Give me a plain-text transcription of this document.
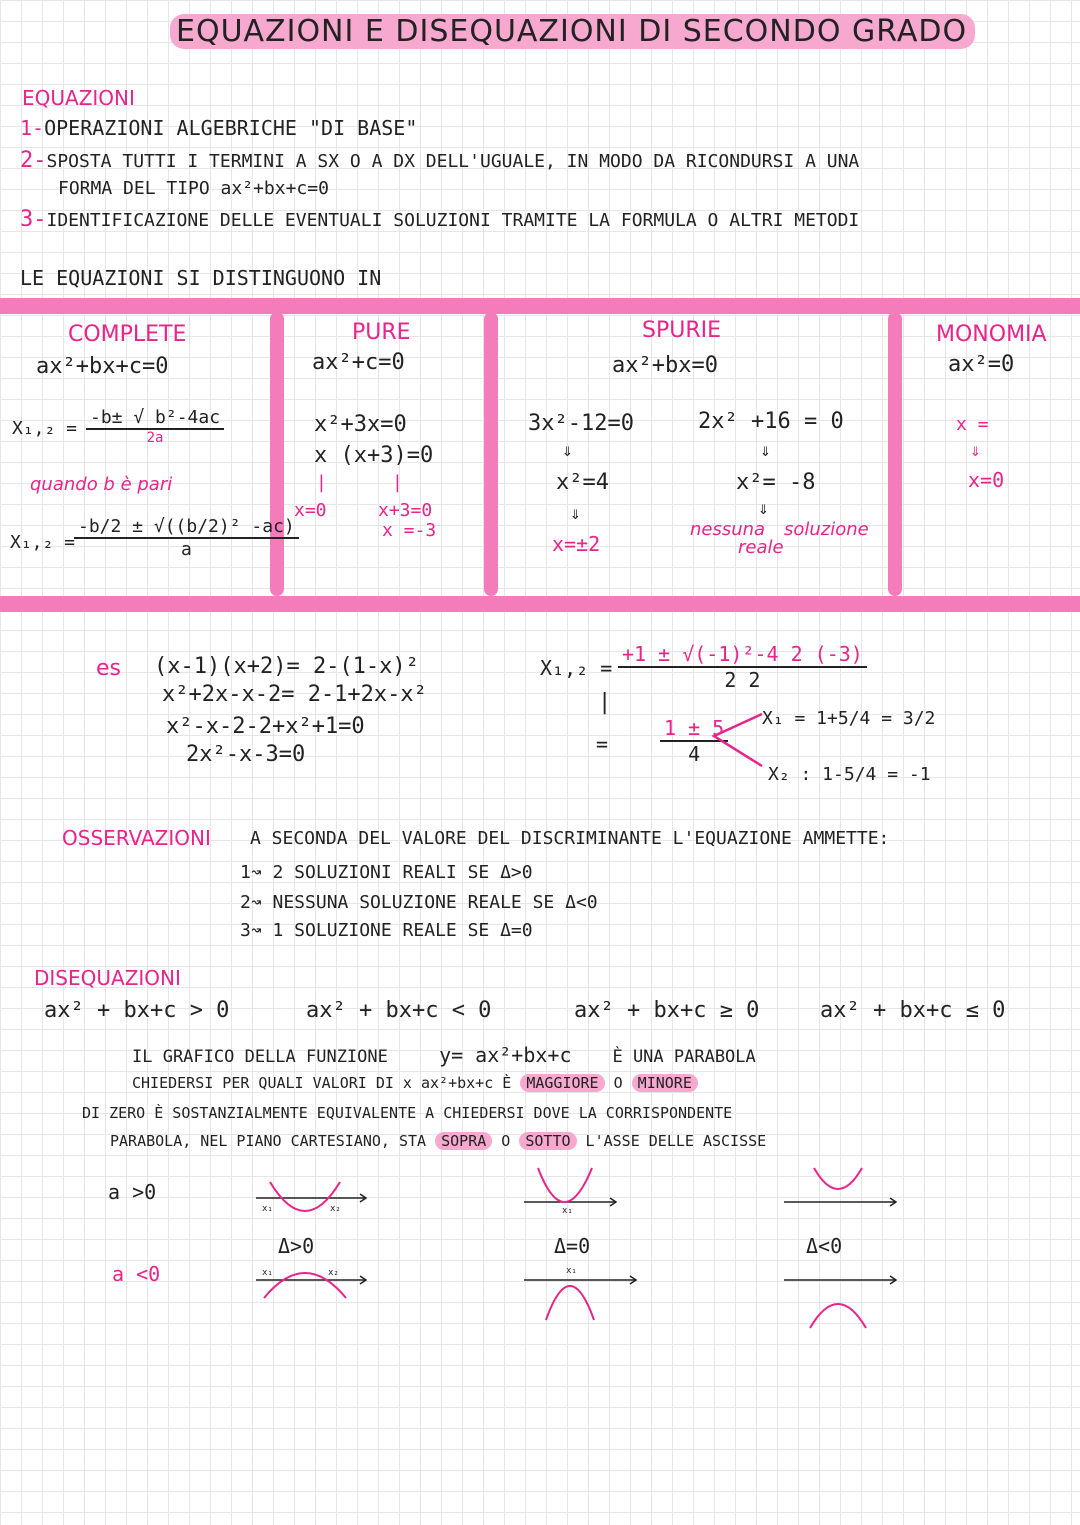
EQUAZIONI E DISEQUAZIONI DI SECONDO GRADO
EQUAZIONI
1-OPERAZIONI ALGEBRICHE "DI BASE"
2-SPOSTA TUTTI I TERMINI A SX O A DX DELL'UGUALE, IN MODO DA RICONDURSI A UNA
FORMA DEL TIPO ax²+bx+c=0
3-IDENTIFICAZIONE DELLE EVENTUALI SOLUZIONI TRAMITE LA FORMULA O ALTRI METODI
LE EQUAZIONI SI DISTINGUONO IN
COMPLETE
ax²+bx+c=0
$X_1,_2 = \frac{\text{-b± √ b²-4ac}}{2a}$
quando b è pari
X₁,₂ =
$\frac{\text{-b/2 ± √((b/2)² -ac)}}{a}$
PURE
ax²+c=0
x²+3x=0
x (x+3)=0
|	|
x=0	x+3=0
x =-3
SPURIE
ax²+bx=0
3x²-12=0
⇓
x²=4
⇓
x=±2
2x² +16 = 0
⇓
x²= -8
⇓
nessuna soluzione
reale
MONOMIA
ax²=0
x =
⇓
x=0
es (x-1)(x+2)= 2-(1-x)²
x²+2x-x-2= 2-1+2x-x²
x²-x-2-2+x²+1=0
2x²-x-3=0
$X_1,_2 = \frac{\text{+1 ± √(-1)²-4 2 (-3)}}{2 2}$
|
=	$\frac{1 \pm 5}{4} X_1 = 1+5/4 = 3/2$
X₂ : 1-5/4 = -1
OSSERVAZIONI A SECONDA DEL VALORE DEL DISCRIMINANTE L'EQUAZIONE AMMETTE:
1↝ 2 SOLUZIONI REALI SE Δ>0
2↝ NESSUNA SOLUZIONE REALE SE Δ<0
3↝ 1 SOLUZIONE REALE SE Δ=0
DISEQUAZIONI
ax² + bx+c > 0	ax² + bx+c < 0	ax² + bx+c ≥ 0	ax² + bx+c ≤ 0
IL GRAFICO DELLA FUNZIONE	y= ax²+bx+c È UNA PARABOLA
CHIEDERSI PER QUALI VALORI DI x ax²+bx+c È MAGGIORE O MINORE
DI ZERO È SOSTANZIALMENTE EQUIVALENTE A CHIEDERSI DOVE LA CORRISPONDENTE
PARABOLA, NEL PIANO CARTESIANO, STA SOPRA O SOTTO L'ASSE DELLE ASCISSE
a >0
a <0
x₁	x₂
Δ>0
x₁	x₂
x₁
Δ=0
x₁
Δ<0
